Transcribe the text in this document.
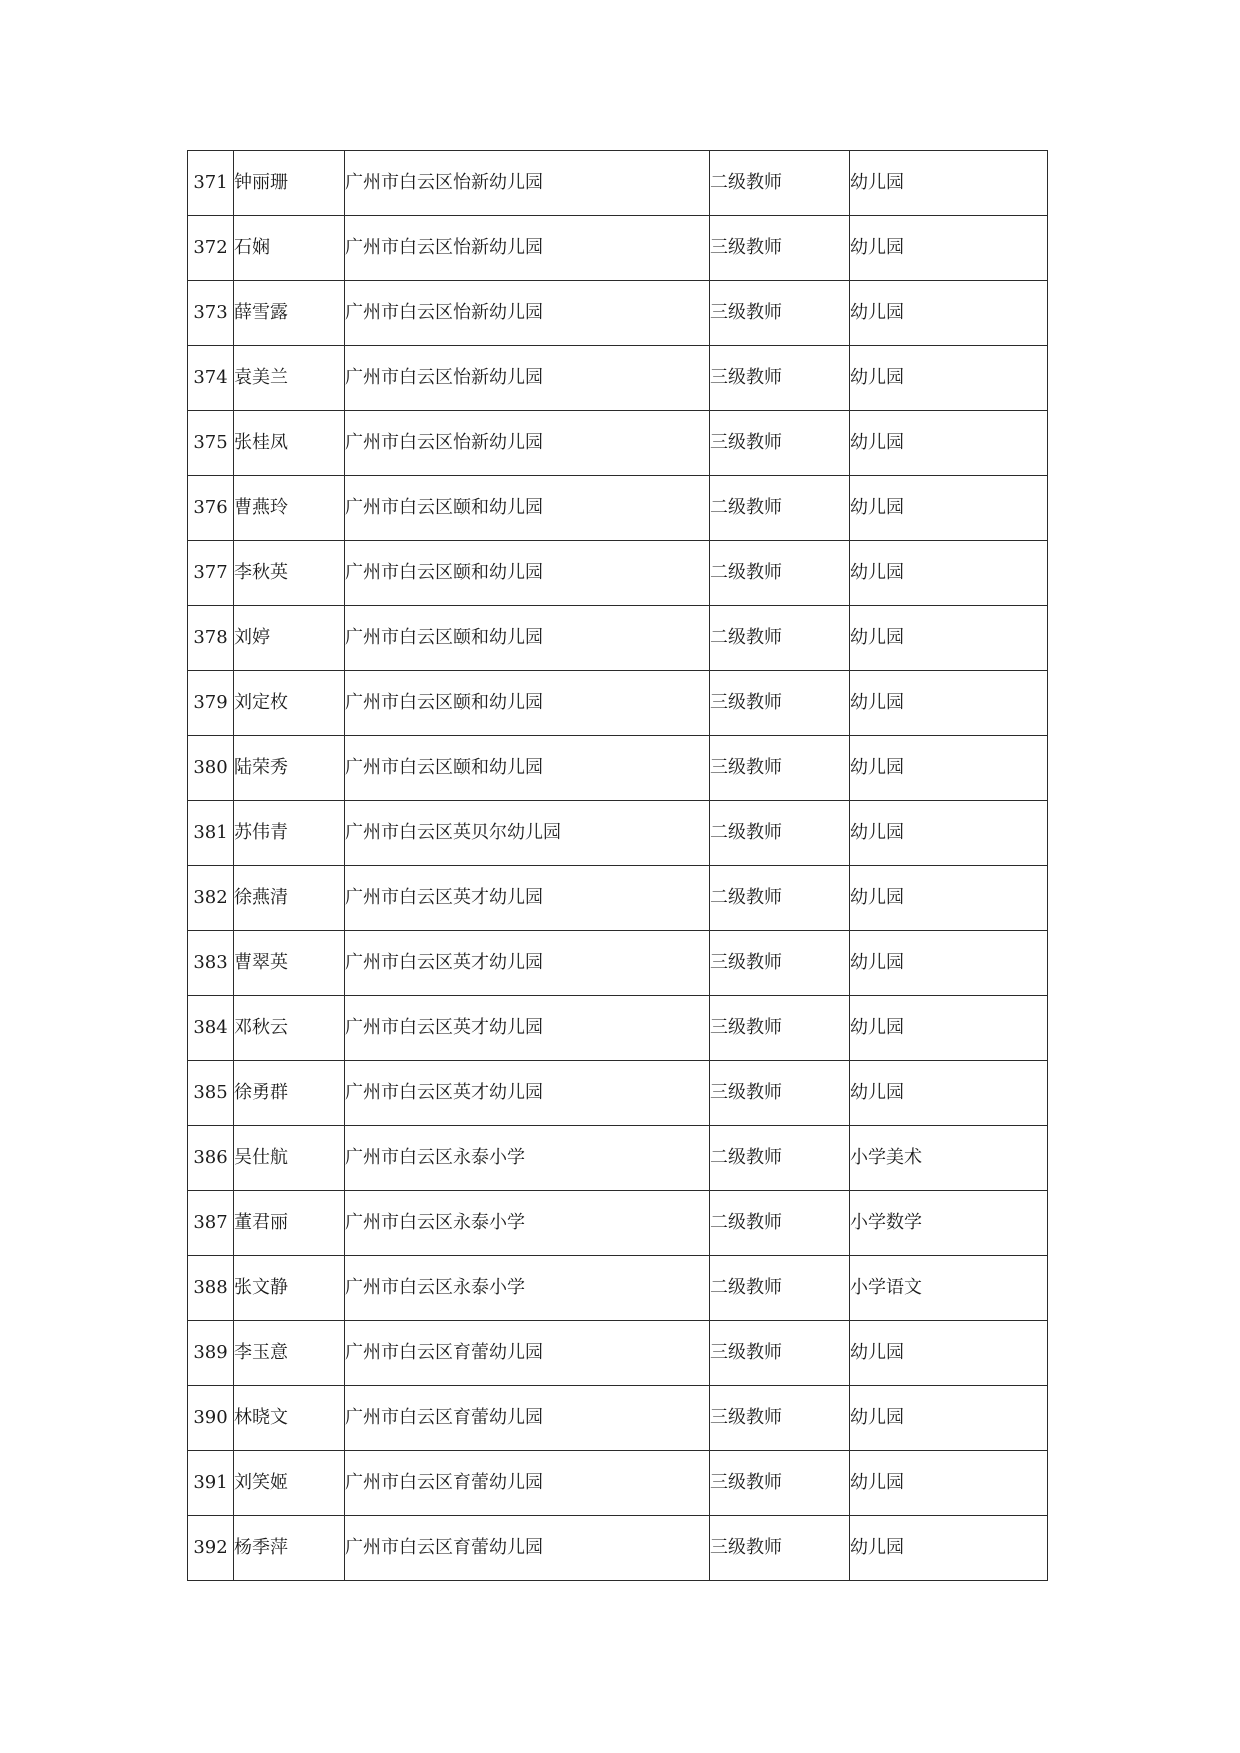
371	钟丽珊	广州市白云区怡新幼儿园	二级教师	幼儿园
372	石娴	广州市白云区怡新幼儿园	三级教师	幼儿园
373	薛雪露	广州市白云区怡新幼儿园	三级教师	幼儿园
374	袁美兰	广州市白云区怡新幼儿园	三级教师	幼儿园
375	张桂凤	广州市白云区怡新幼儿园	三级教师	幼儿园
376	曹燕玲	广州市白云区颐和幼儿园	二级教师	幼儿园
377	李秋英	广州市白云区颐和幼儿园	二级教师	幼儿园
378	刘婷	广州市白云区颐和幼儿园	二级教师	幼儿园
379	刘定枚	广州市白云区颐和幼儿园	三级教师	幼儿园
380	陆荣秀	广州市白云区颐和幼儿园	三级教师	幼儿园
381	苏伟青	广州市白云区英贝尔幼儿园	二级教师	幼儿园
382	徐燕清	广州市白云区英才幼儿园	二级教师	幼儿园
383	曹翠英	广州市白云区英才幼儿园	三级教师	幼儿园
384	邓秋云	广州市白云区英才幼儿园	三级教师	幼儿园
385	徐勇群	广州市白云区英才幼儿园	三级教师	幼儿园
386	吴仕航	广州市白云区永泰小学	二级教师	小学美术
387	董君丽	广州市白云区永泰小学	二级教师	小学数学
388	张文静	广州市白云区永泰小学	二级教师	小学语文
389	李玉意	广州市白云区育蕾幼儿园	三级教师	幼儿园
390	林晓文	广州市白云区育蕾幼儿园	三级教师	幼儿园
391	刘笑姬	广州市白云区育蕾幼儿园	三级教师	幼儿园
392	杨季萍	广州市白云区育蕾幼儿园	三级教师	幼儿园
